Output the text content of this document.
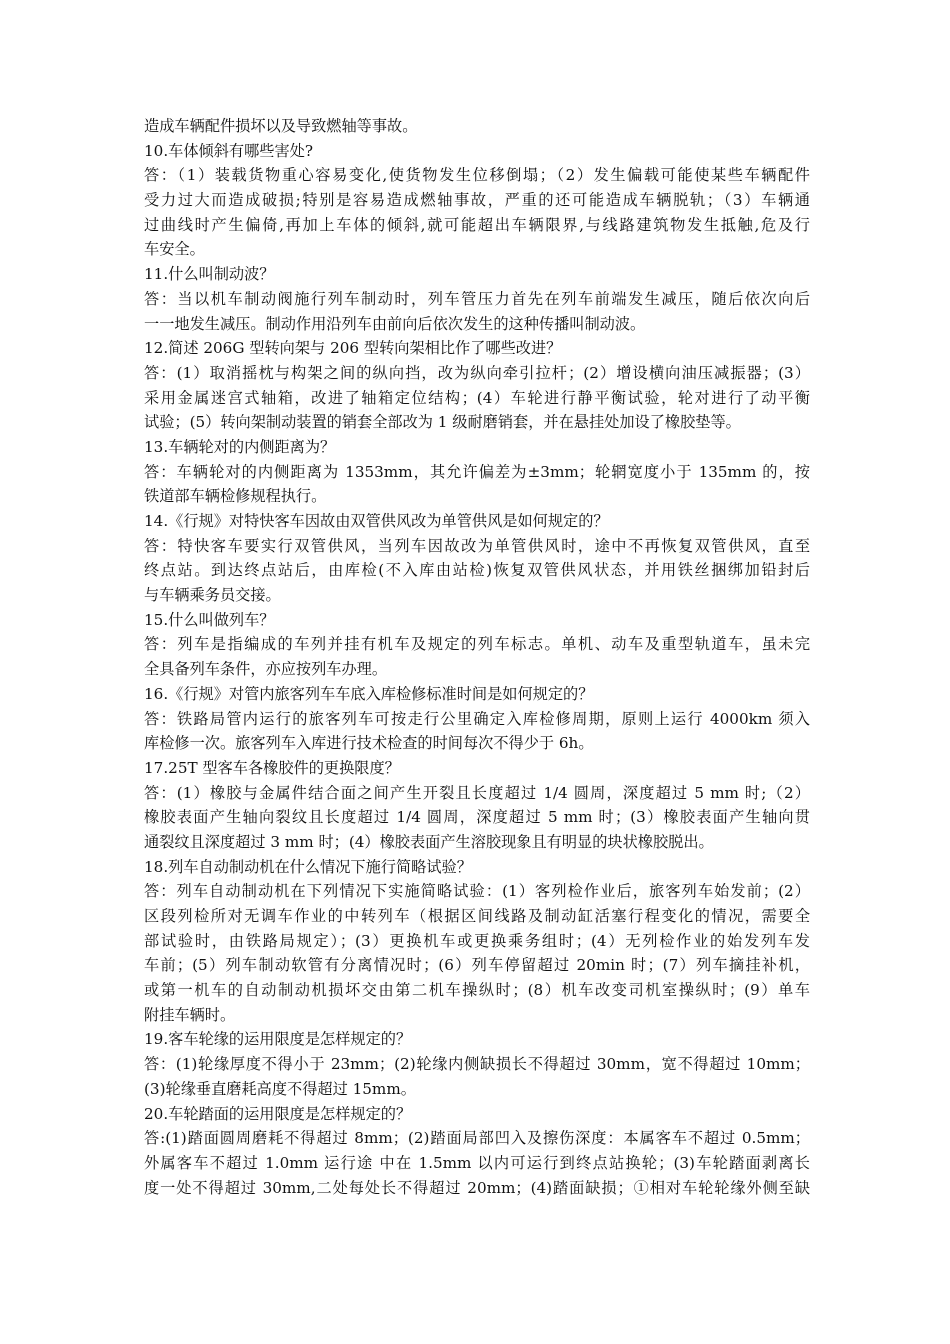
造成车辆配件损坏以及导致燃轴等事故。
10.车体倾斜有哪些害处?
答：（1）装载货物重心容易变化,使货物发生位移倒塌；（2）发生偏载可能使某些车辆配件
受力过大而造成破损;特别是容易造成燃轴事故，严重的还可能造成车辆脱轨；（3）车辆通
过曲线时产生偏倚,再加上车体的倾斜,就可能超出车辆限界,与线路建筑物发生抵触,危及行
车安全。
11.什么叫制动波？
答：当以机车制动阀施行列车制动时，列车管压力首先在列车前端发生减压，随后依次向后
一一地发生减压。制动作用沿列车由前向后依次发生的这种传播叫制动波。
12.简述 206G 型转向架与 206 型转向架相比作了哪些改进？
答：(1）取消摇枕与构架之间的纵向挡，改为纵向牵引拉杆；(2）增设横向油压减振器；(3）
采用金属迷宫式轴箱，改进了轴箱定位结构；(4）车轮进行静平衡试验，轮对进行了动平衡
试验；(5）转向架制动装置的销套全部改为 1 级耐磨销套，并在悬挂处加设了橡胶垫等。
13.车辆轮对的内侧距离为？
答：车辆轮对的内侧距离为 1353mm，其允许偏差为±3mm；轮辋宽度小于 135mm 的，按
铁道部车辆检修规程执行。
14.《行规》对特快客车因故由双管供风改为单管供风是如何规定的？
答：特快客车要实行双管供风，当列车因故改为单管供风时，途中不再恢复双管供风，直至
终点站。到达终点站后，由库检(不入库由站检)恢复双管供风状态，并用铁丝捆绑加铅封后
与车辆乘务员交接。
15.什么叫做列车？
答：列车是指编成的车列并挂有机车及规定的列车标志。单机、动车及重型轨道车，虽未完
全具备列车条件，亦应按列车办理。
16.《行规》对管内旅客列车车底入库检修标准时间是如何规定的？
答：铁路局管内运行的旅客列车可按走行公里确定入库检修周期，原则上运行 4000km 须入
库检修一次。旅客列车入库进行技术检查的时间每次不得少于 6h。
17.25T 型客车各橡胶件的更换限度？
答：(1）橡胶与金属件结合面之间产生开裂且长度超过 1/4 圆周，深度超过 5 mm 时;（2）
橡胶表面产生轴向裂纹且长度超过 1/4 圆周，深度超过 5 mm 时；(3）橡胶表面产生轴向贯
通裂纹且深度超过 3 mm 时；(4）橡胶表面产生溶胶现象且有明显的块状橡胶脱出。
18.列车自动制动机在什么情况下施行简略试验？
答：列车自动制动机在下列情况下实施简略试验：(1）客列检作业后，旅客列车始发前；(2）
区段列检所对无调车作业的中转列车（根据区间线路及制动缸活塞行程变化的情况，需要全
部试验时，由铁路局规定）；(3）更换机车或更换乘务组时；(4）无列检作业的始发列车发
车前；(5）列车制动软管有分离情况时；(6）列车停留超过 20min 时；(7）列车摘挂补机，
或第一机车的自动制动机损坏交由第二机车操纵时；(8）机车改变司机室操纵时；(9）单车
附挂车辆时。
19.客车轮缘的运用限度是怎样规定的？
答：(1)轮缘厚度不得小于 23mm；(2)轮缘内侧缺损长不得超过 30mm，宽不得超过 10mm；
(3)轮缘垂直磨耗高度不得超过 15mm。
20.车轮踏面的运用限度是怎样规定的？
答:(1)踏面圆周磨耗不得超过 8mm；(2)踏面局部凹入及擦伤深度：本属客车不超过 0.5mm；
外属客车不超过 1.0mm 运行途 中在 1.5mm 以内可运行到终点站换轮；(3)车轮踏面剥离长
度一处不得超过 30mm,二处每处长不得超过 20mm；(4)踏面缺损；①相对车轮轮缘外侧至缺
